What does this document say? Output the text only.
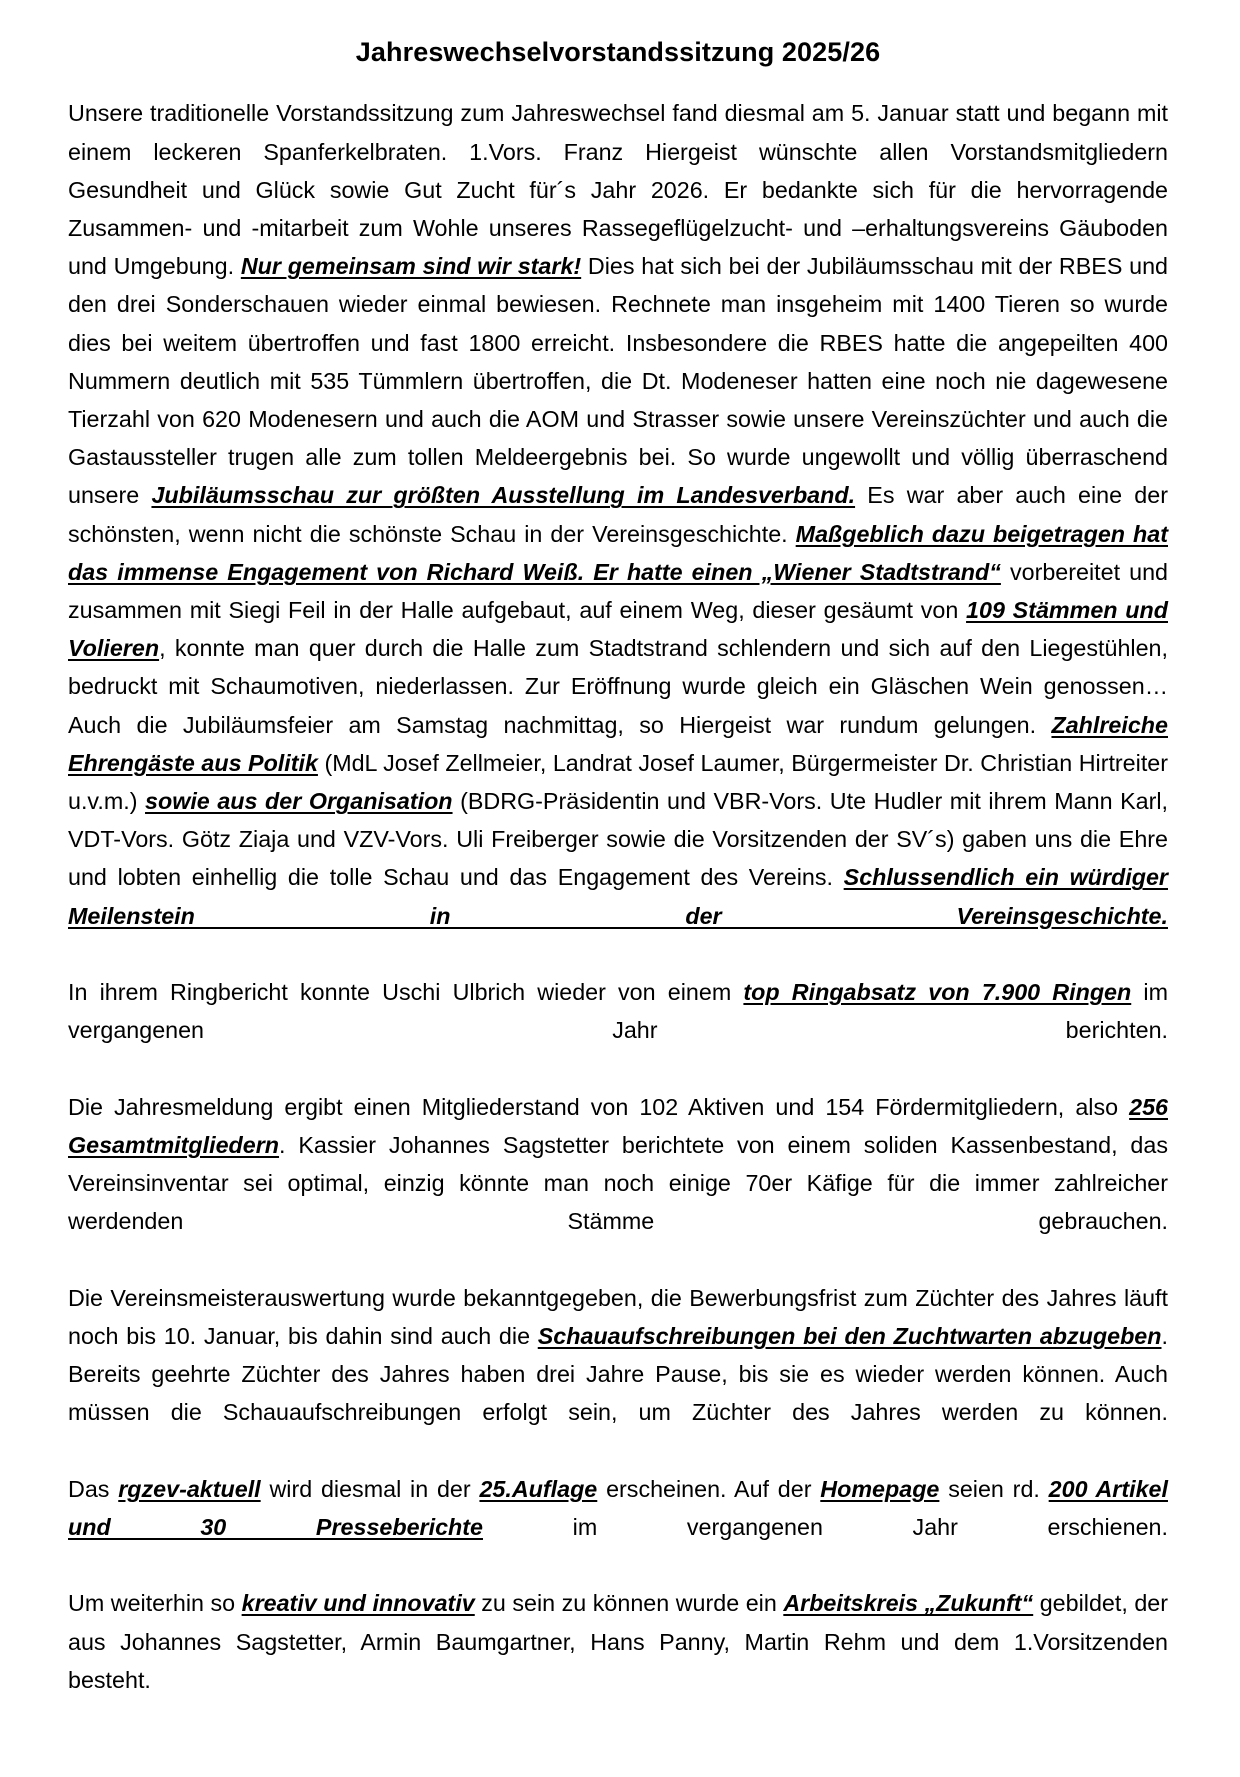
Jahreswechselvorstandssitzung 2025/26

Unsere traditionelle Vorstandssitzung zum Jahreswechsel fand diesmal am 5. Januar statt und begann mit einem leckeren Spanferkelbraten. 1.Vors. Franz Hiergeist wünschte allen Vorstandsmitgliedern Gesundheit und Glück sowie Gut Zucht für´s Jahr 2026. Er bedankte sich für die hervorragende Zusammen- und -mitarbeit zum Wohle unseres Rassegeflügelzucht- und –erhaltungsvereins Gäuboden und Umgebung. Nur gemeinsam sind wir stark! Dies hat sich bei der Jubiläumsschau mit der RBES und den drei Sonderschauen wieder einmal bewiesen. Rechnete man insgeheim mit 1400 Tieren so wurde dies bei weitem übertroffen und fast 1800 erreicht. Insbesondere die RBES hatte die angepeilten 400 Nummern deutlich mit 535 Tümmlern übertroffen, die Dt. Modeneser hatten eine noch nie dagewesene Tierzahl von 620 Modenesern und auch die AOM und Strasser sowie unsere Vereinszüchter und auch die Gastaussteller trugen alle zum tollen Meldeergebnis bei. So wurde ungewollt und völlig überraschend unsere Jubiläumsschau zur größten Ausstellung im Landesverband. Es war aber auch eine der schönsten, wenn nicht die schönste Schau in der Vereinsgeschichte. Maßgeblich dazu beigetragen hat das immense Engagement von Richard Weiß. Er hatte einen „Wiener Stadtstrand“ vorbereitet und zusammen mit Siegi Feil in der Halle aufgebaut, auf einem Weg, dieser gesäumt von 109 Stämmen und Volieren, konnte man quer durch die Halle zum Stadtstrand schlendern und sich auf den Liegestühlen, bedruckt mit Schaumotiven, niederlassen. Zur Eröffnung wurde gleich ein Gläschen Wein genossen… Auch die Jubiläumsfeier am Samstag nachmittag, so Hiergeist war rundum gelungen. Zahlreiche Ehrengäste aus Politik (MdL Josef Zellmeier, Landrat Josef Laumer, Bürgermeister Dr. Christian Hirtreiter u.v.m.) sowie aus der Organisation (BDRG-Präsidentin und VBR-Vors. Ute Hudler mit ihrem Mann Karl, VDT-Vors. Götz Ziaja und VZV-Vors. Uli Freiberger sowie die Vorsitzenden der SV´s) gaben uns die Ehre und lobten einhellig die tolle Schau und das Engagement des Vereins. Schlussendlich ein würdiger Meilenstein in der Vereinsgeschichte.

In ihrem Ringbericht konnte Uschi Ulbrich wieder von einem top Ringabsatz von 7.900 Ringen im vergangenen Jahr berichten.

Die Jahresmeldung ergibt einen Mitgliederstand von 102 Aktiven und 154 Fördermitgliedern, also 256 Gesamtmitgliedern. Kassier Johannes Sagstetter berichtete von einem soliden Kassenbestand, das Vereinsinventar sei optimal, einzig könnte man noch einige 70er Käfige für die immer zahlreicher werdenden Stämme gebrauchen.

Die Vereinsmeisterauswertung wurde bekanntgegeben, die Bewerbungsfrist zum Züchter des Jahres läuft noch bis 10. Januar, bis dahin sind auch die Schauaufschreibungen bei den Zuchtwarten abzugeben. Bereits geehrte Züchter des Jahres haben drei Jahre Pause, bis sie es wieder werden können. Auch müssen die Schauaufschreibungen erfolgt sein, um Züchter des Jahres werden zu können.

Das rgzev-aktuell wird diesmal in der 25.Auflage erscheinen. Auf der Homepage seien rd. 200 Artikel und 30 Presseberichte im vergangenen Jahr erschienen.

Um weiterhin so kreativ und innovativ zu sein zu können wurde ein Arbeitskreis „Zukunft“ gebildet, der aus Johannes Sagstetter, Armin Baumgartner, Hans Panny, Martin Rehm und dem 1.Vorsitzenden besteht.
